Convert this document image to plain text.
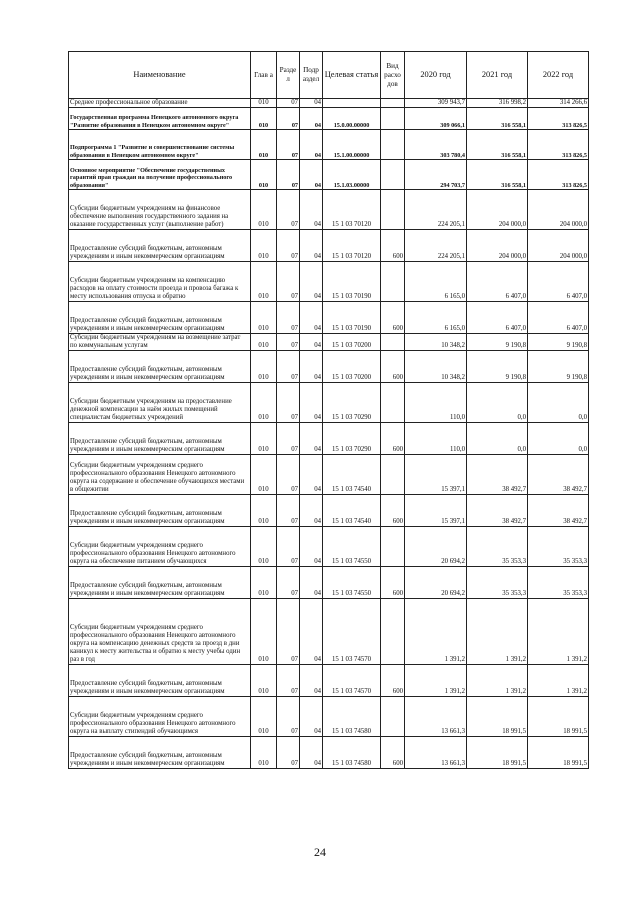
Наименование	Глав а	Разде л	Подр аздел	Целевая статья	Вид расхо дов	2020 год	2021 год	2022 год
Среднее профессиональное образование	010	07	04			309 943,7	316 998,2	314 266,6
Государственная программа Ненецкого автономного округа "Развитие образования в Ненецком автономном округе"	010	07	04	15.0.00.00000		309 066,1	316 558,1	313 826,5
Подпрограмма 1 "Развитие и совершенствование системы образования в Ненецком автономном округе"	010	07	04	15.1.00.00000		303 780,4	316 558,1	313 826,5
Основное мероприятие "Обеспечение государственных гарантий прав граждан на получение профессионального образования"	010	07	04	15.1.03.00000		294 703,7	316 558,1	313 826,5
Субсидии бюджетным учреждениям на финансовое обеспечение выполнения государственного задания на оказание государственных услуг (выполнение работ)	010	07	04	15 1 03 70120		224 205,1	204 000,0	204 000,0
Предоставление субсидий бюджетным, автономным учреждениям и иным некоммерческим организациям	010	07	04	15 1 03 70120	600	224 205,1	204 000,0	204 000,0
Субсидии бюджетным учреждениям на компенсацию расходов на оплату стоимости проезда и провоза багажа к месту использования отпуска и обратно	010	07	04	15 1 03 70190		6 165,0	6 407,0	6 407,0
Предоставление субсидий бюджетным, автономным учреждениям и иным некоммерческим организациям	010	07	04	15 1 03 70190	600	6 165,0	6 407,0	6 407,0
Субсидии бюджетным учреждениям на возмещение затрат по коммунальным услугам	010	07	04	15 1 03 70200		10 348,2	9 190,8	9 190,8
Предоставление субсидий бюджетным, автономным учреждениям и иным некоммерческим организациям	010	07	04	15 1 03 70200	600	10 348,2	9 190,8	9 190,8
Субсидии бюджетным учреждениям на предоставление денежной компенсации за наём жилых помещений специалистам бюджетных учреждений	010	07	04	15 1 03 70290		110,0	0,0	0,0
Предоставление субсидий бюджетным, автономным учреждениям и иным некоммерческим организациям	010	07	04	15 1 03 70290	600	110,0	0,0	0,0
Субсидии бюджетным учреждениям среднего профессионального образования Ненецкого автономного округа на содержание и обеспечение обучающихся местами в общежитии	010	07	04	15 1 03 74540		15 397,1	38 492,7	38 492,7
Предоставление субсидий бюджетным, автономным учреждениям и иным некоммерческим организациям	010	07	04	15 1 03 74540	600	15 397,1	38 492,7	38 492,7
Субсидии бюджетным учреждениям среднего профессионального образования Ненецкого автономного округа на обеспечение питанием обучающихся	010	07	04	15 1 03 74550		20 694,2	35 353,3	35 353,3
Предоставление субсидий бюджетным, автономным учреждениям и иным некоммерческим организациям	010	07	04	15 1 03 74550	600	20 694,2	35 353,3	35 353,3
Субсидии бюджетным учреждениям среднего профессионального образования Ненецкого автономного округа на компенсацию денежных средств за проезд в дни каникул к месту жительства и обратно к месту учебы один раз в год	010	07	04	15 1 03 74570		1 391,2	1 391,2	1 391,2
Предоставление субсидий бюджетным, автономным учреждениям и иным некоммерческим организациям	010	07	04	15 1 03 74570	600	1 391,2	1 391,2	1 391,2
Субсидии бюджетным учреждениям среднего профессионального образования Ненецкого автономного округа на выплату стипендий обучающимся	010	07	04	15 1 03 74580		13 661,3	18 991,5	18 991,5
Предоставление субсидий бюджетным, автономным учреждениям и иным некоммерческим организациям	010	07	04	15 1 03 74580	600	13 661,3	18 991,5	18 991,5
24
